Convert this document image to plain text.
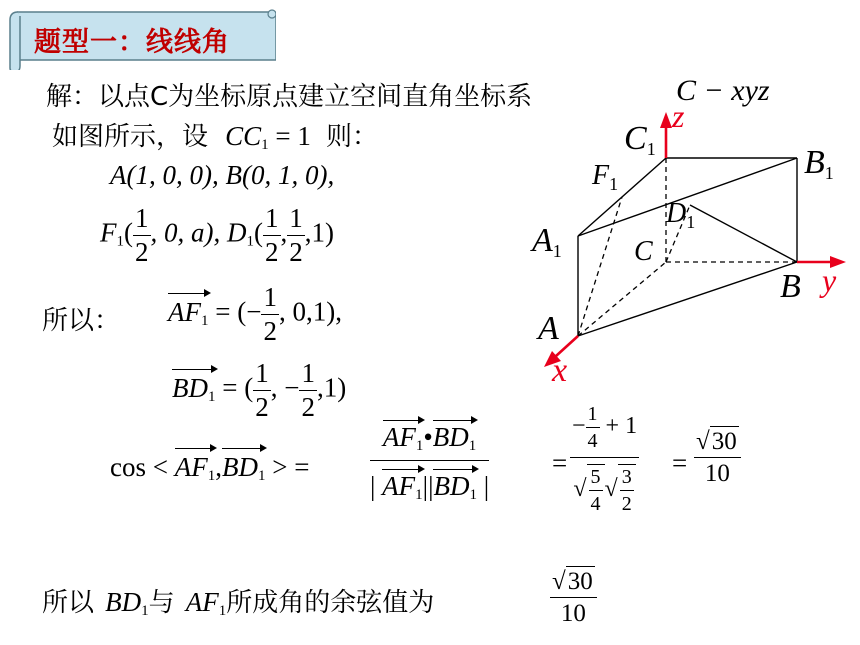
题型一：线线角
解：以点C为坐标原点建立空间直角坐标系	C − xyz
如图所示，设 $CC_1 = 1$ 则：
A(1, 0, 0), B(0, 1, 0),
$F_1( \frac{1}{2}$ , 0, a), $D_1( \frac{1}{2}$ , $\frac{1}{2} ,1$)
所以： $AF_1$ = (− $\frac{1}{2}$ , 0,1),
$BD_1$ = ( $\frac{1}{2}$ , − $\frac{1}{2} ,1$)
$\cos < AF_1,BD_1$ > = $\frac{AF_1•BD_1}{| AF_1||BD_1 |} = \frac{- \frac{1}{4} + 1}{√ \frac{5}{4} √ \frac{3}{2}} = \frac{√30}{10}$
所以 $BD_1$与 $AF_1$所成角的余弦值为	$\frac{√30}{10}$
$C_1$
z
$B_1$
$F_1$
$D_1$
$A_1$	C
B y
A
x
